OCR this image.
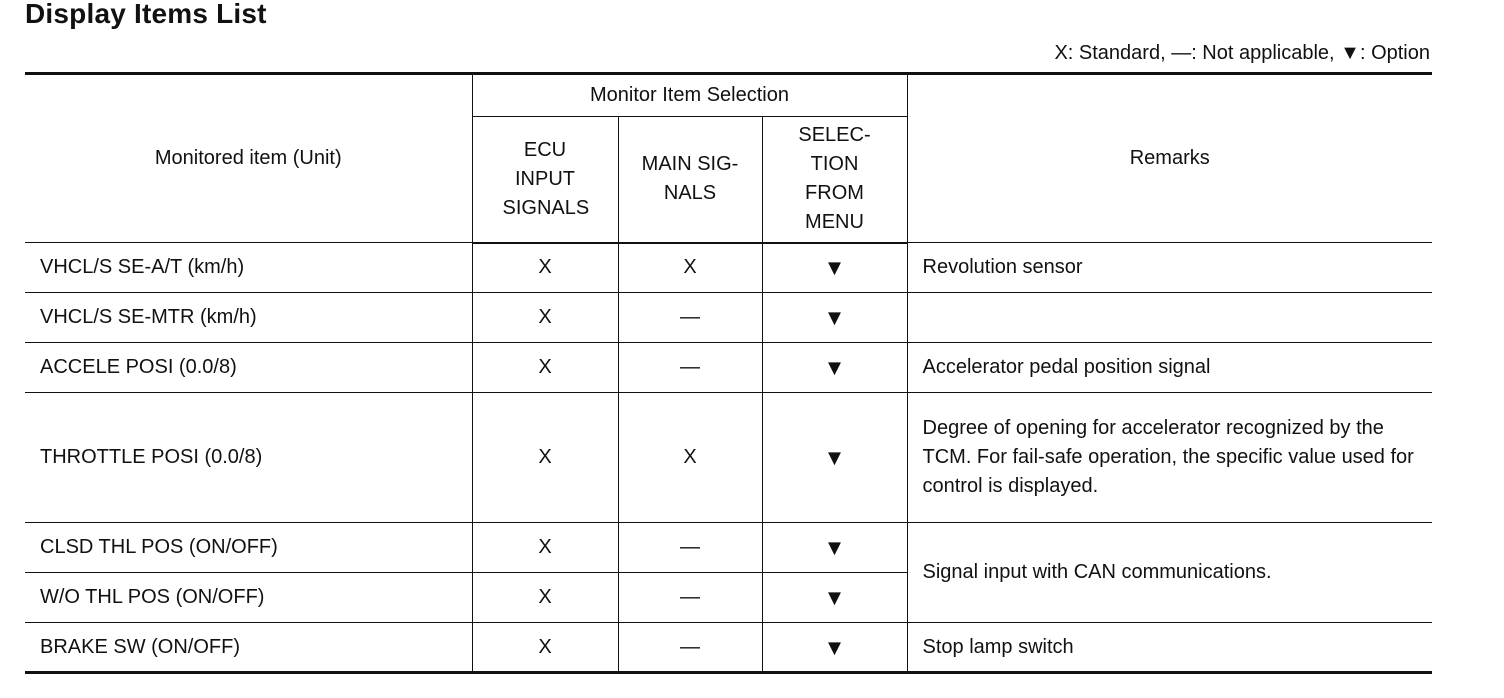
Display Items List
X: Standard, —: Not applicable, ▼: Option
Monitored item (Unit)	Monitor Item Selection			Remarks
	ECU INPUT SIGNALS	MAIN SIG- NALS	SELEC- TION FROM MENU	
VHCL/S SE-A/T (km/h)	X	X	▼	Revolution sensor
VHCL/S SE-MTR (km/h)	X	—	▼	
ACCELE POSI (0.0/8)	X	—	▼	Accelerator pedal position signal
THROTTLE POSI (0.0/8)	X	X	▼	Degree of opening for accelerator recognized by the TCM. For fail-safe operation, the specific value used for control is displayed.
CLSD THL POS (ON/OFF)	X	—	▼	Signal input with CAN communications.
W/O THL POS (ON/OFF)	X	—	▼	
BRAKE SW (ON/OFF)	X	—	▼	Stop lamp switch
